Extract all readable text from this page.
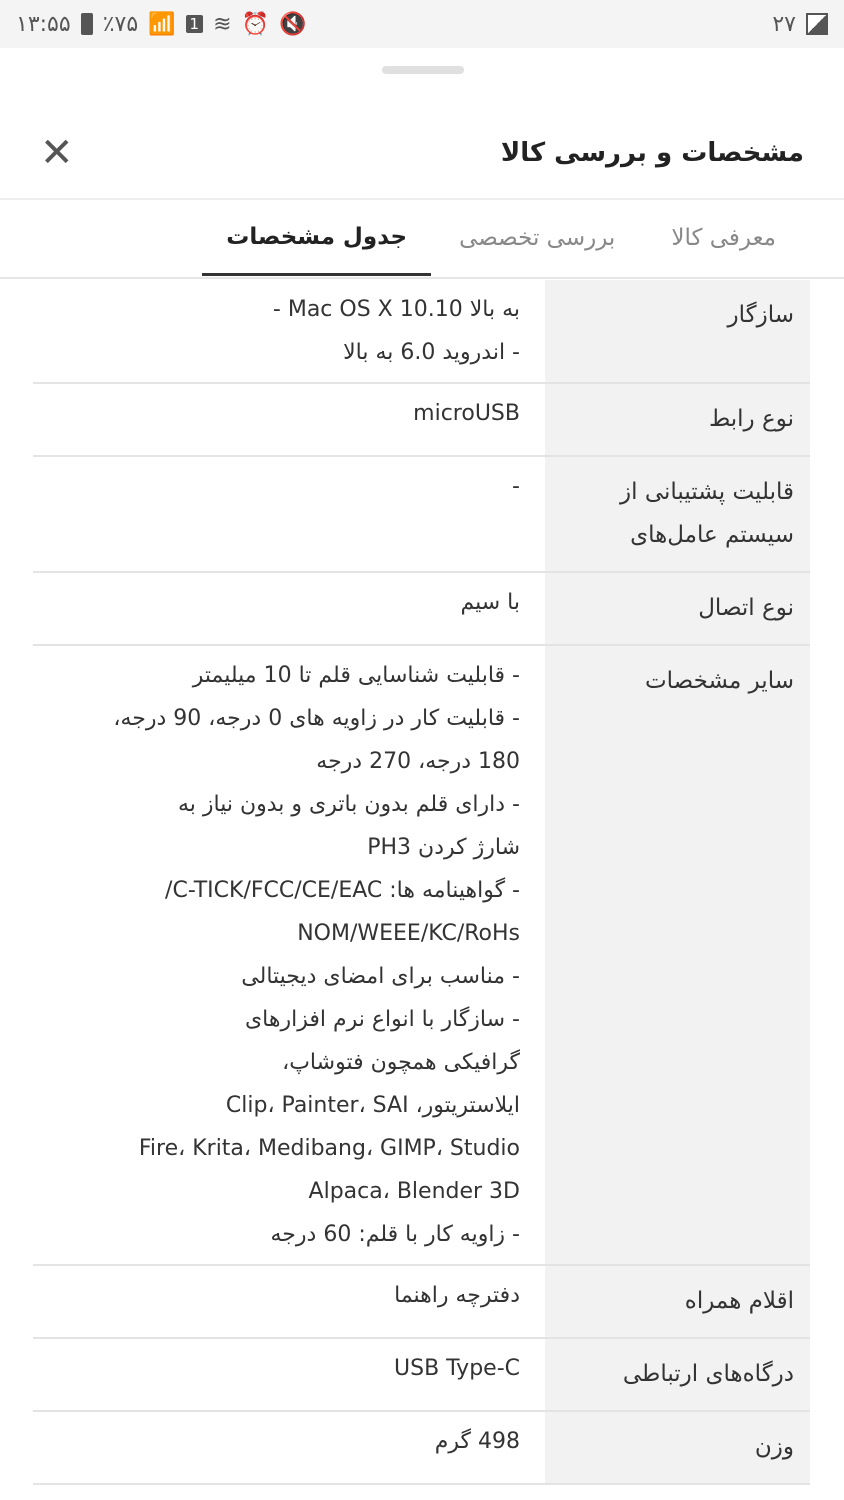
۱۳:۵۵ ٪۷۵ 📶 1 ≋ ⏰ 🔇	۲۷
مشخصات و بررسی کالا
✕
معرفی کالا
بررسی تخصصی
جدول مشخصات
سازگار
به بالا Mac OS X 10.10 -
- اندروید 6.0 به بالا
نوع رابط
microUSB
قابلیت پشتیبانی از سیستم عامل‌های
-
نوع اتصال
با سیم
سایر مشخصات
- قابلیت شناسایی قلم تا 10 میلیمتر
- قابلیت کار در زاویه های 0 درجه، 90 درجه،
180 درجه، 270 درجه
- دارای قلم بدون باتری و بدون نیاز به
شارژ کردن PH3
- گواهینامه ها: C-TICK/FCC/CE/EAC/
NOM/WEEE/KC/RoHs
- مناسب برای امضای دیجیتالی
- سازگار با انواع نرم افزارهای
گرافیکی همچون فتوشاپ،
ایلاستریتور، Clip، Painter، SAI
Fire، Krita، Medibang، GIMP، Studio
Alpaca، Blender 3D
- زاویه کار با قلم: 60 درجه
اقلام همراه
دفترچه راهنما
درگاه‌های ارتباطی
USB Type-C
وزن
498 گرم
